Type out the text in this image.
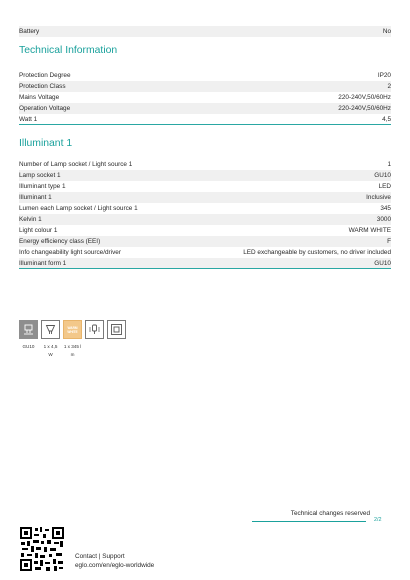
Battery	No
Technical Information
Protection Degree	IP20
Protection Class	2
Mains Voltage	220-240V,50/60Hz
Operation Voltage	220-240V,50/60Hz
Watt 1	4,5
Illuminant 1
Number of Lamp socket / Light source 1	1
Lamp socket 1	GU10
Illuminant type 1	LED
Illuminant 1	Inclusive
Lumen each Lamp socket / Light source 1	345
Kelvin 1	3000
Light colour 1	WARM WHITE
Energy efficiency class (EEI)	F
Info changeability light source/driver	LED exchangeable by customers, no driver included
Illuminant form 1	GU10
GU10 1 x 4,5
W
WARM
WHITE
1 x 345 l
m
Technical changes reserved
2/2
Contact | Support
eglo.com/en/eglo-worldwide
